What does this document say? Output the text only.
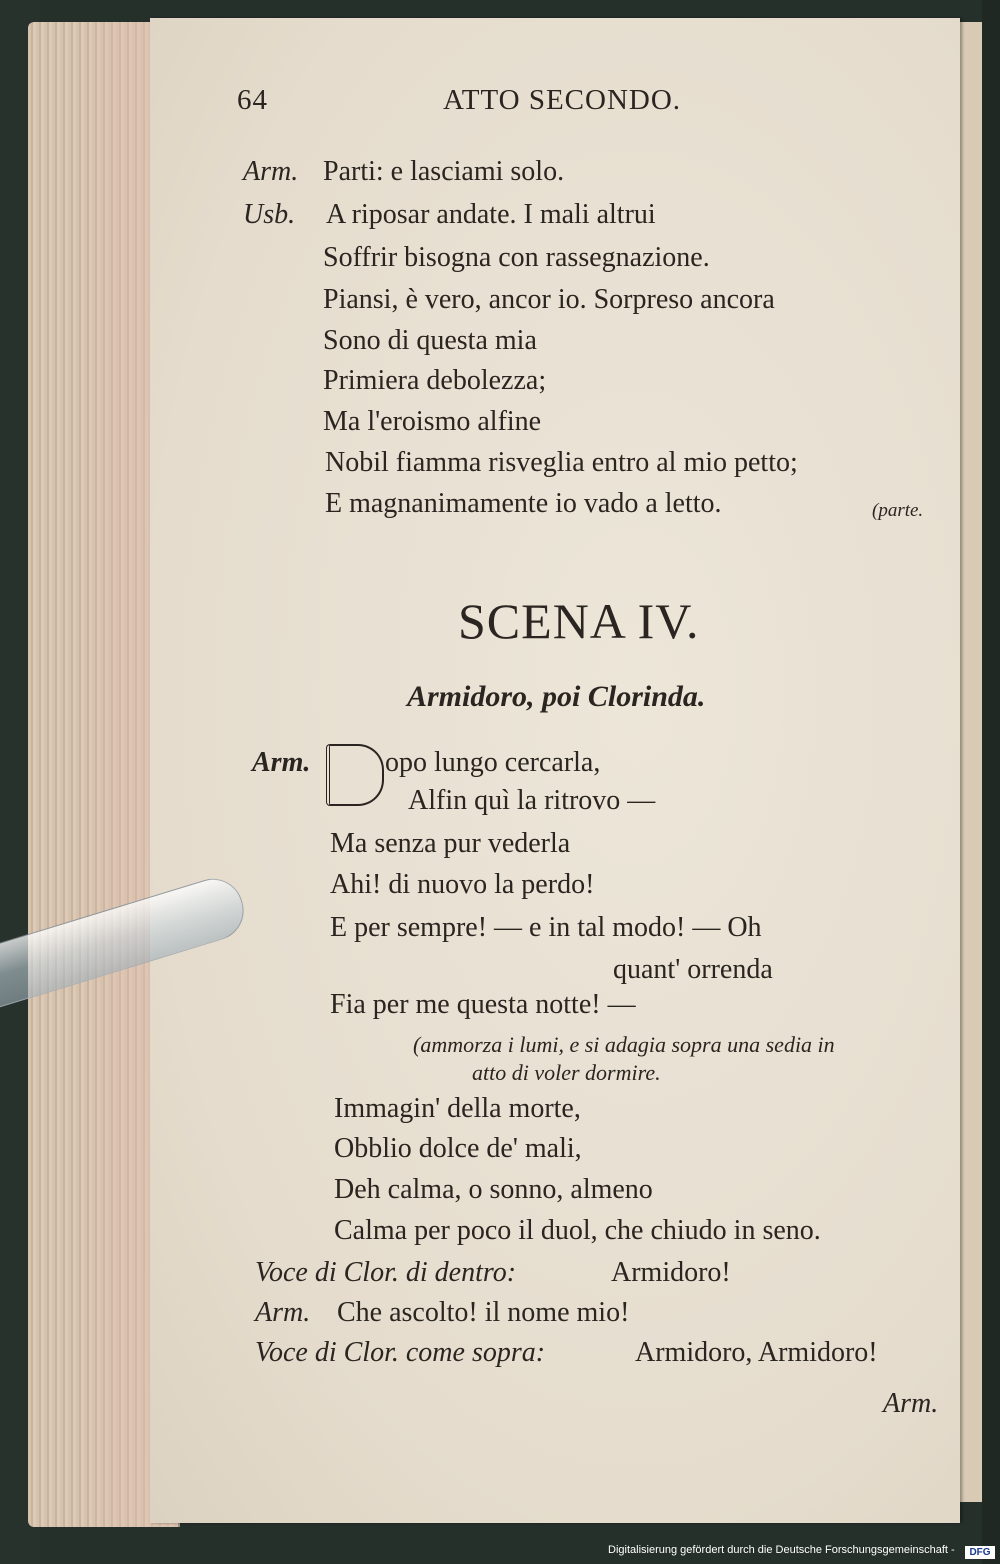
64	ATTO SECONDO.
Arm. Parti: e lasciami solo.
Usb. A riposar andate. I mali altrui
Soffrir bisogna con rassegnazione.
Piansi, è vero, ancor io. Sorpreso ancora
Sono di questa mia
Primiera debolezza;
Ma l'eroismo alfine
Nobil fiamma risveglia entro al mio petto;
E magnanimamente io vado a letto.	(parte.
SCENA IV.
Armidoro, poi Clorinda.
Arm.	opo lungo cercarla,
Alfin quì la ritrovo —
Ma senza pur vederla
Ahi! di nuovo la perdo!
E per sempre! — e in tal modo! — Oh
quant' orrenda
Fia per me questa notte! —
(ammorza i lumi, e si adagia sopra una sedia in
atto di voler dormire.
Immagin' della morte,
Obblio dolce de' mali,
Deh calma, o sonno, almeno
Calma per poco il duol, che chiudo in seno.
Voce di Clor. di dentro:	Armidoro!
Arm. Che ascolto! il nome mio!
Voce di Clor. come sopra:	Armidoro, Armidoro!
Arm.
Digitalisierung gefördert durch die Deutsche Forschungsgemeinschaft -	DFG
